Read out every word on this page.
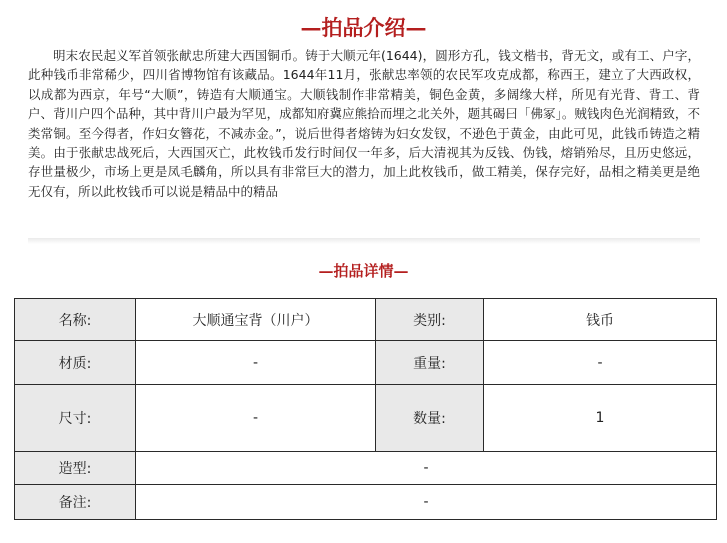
—拍品介绍—

明末农民起义军首领张献忠所建大西国铜币。铸于大顺元年(1644)，圆形方孔，钱文楷书，背无文，或有工、户字，此种钱币非常稀少，四川省博物馆有该藏品。1644年11月，张献忠率领的农民军攻克成都，称西王，建立了大西政权，以成都为西京，年号“大顺”，铸造有大顺通宝。大顺钱制作非常精美，铜色金黄，多阔缘大样，所见有光背、背工、背户、背川户四个品种，其中背川户最为罕见，成都知府冀应熊拾而埋之北关外，题其碣曰「佛冢」。贼钱肉色光润精致，不类常铜。至今得者，作妇女簪花，不减赤金。”，说后世得者熔铸为妇女发钗，不逊色于黄金，由此可见，此钱币铸造之精美。由于张献忠战死后，大西国灭亡，此枚钱币发行时间仅一年多，后大清视其为反钱、伪钱，熔销殆尽，且历史悠远，存世量极少，市场上更是凤毛麟角，所以具有非常巨大的潜力，加上此枚钱币，做工精美，保存完好，品相之精美更是绝无仅有，所以此枚钱币可以说是精品中的精品

—拍品详情—
名称:	大顺通宝背（川户）	类别:	钱币
材质:	-	重量:	-
尺寸:	-	数量:	1
造型:	-		
备注:	-		
